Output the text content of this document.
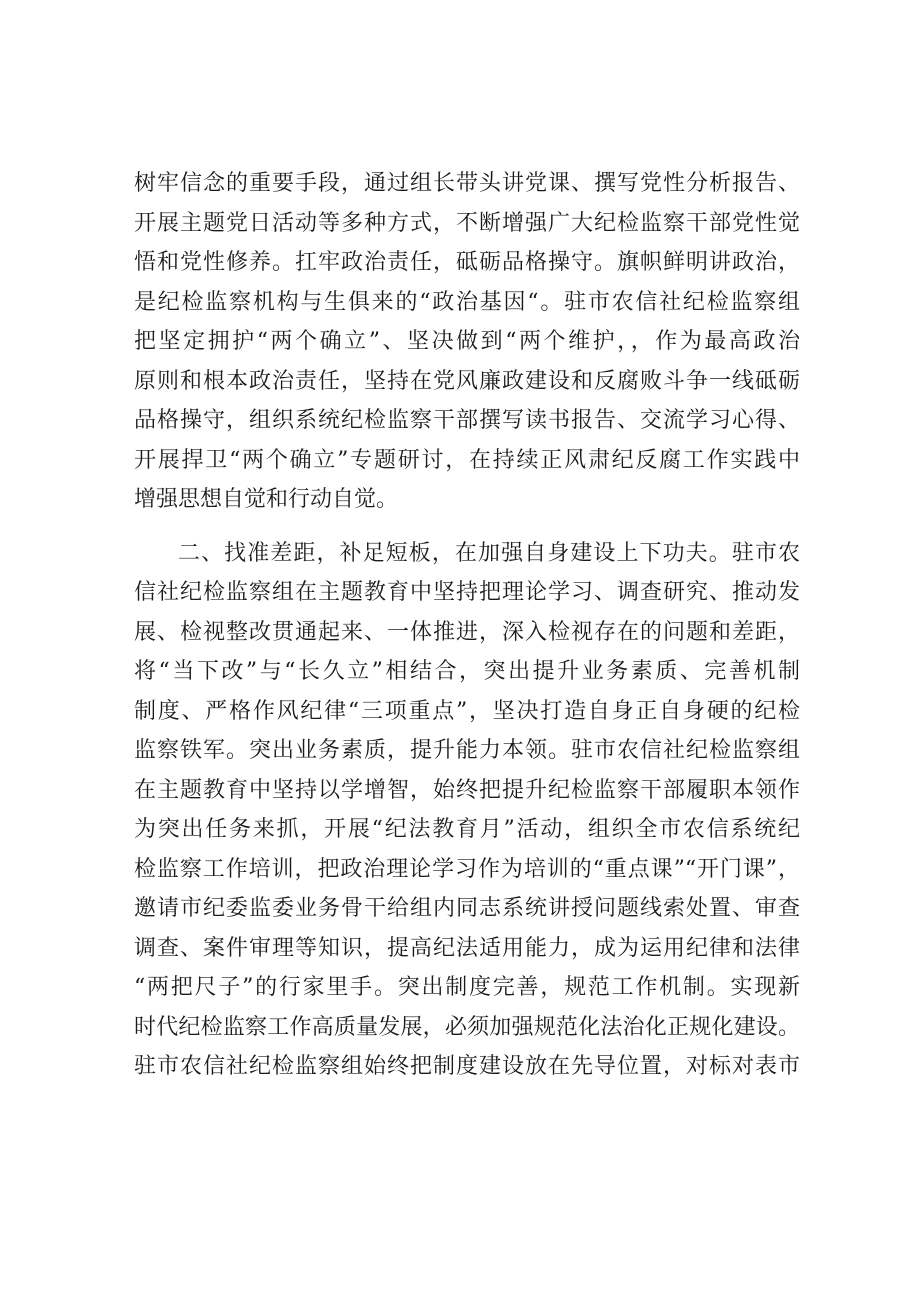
树牢信念的重要手段，通过组长带头讲党课、撰写党性分析报告、
开展主题党日活动等多种方式，不断增强广大纪检监察干部党性觉
悟和党性修养。扛牢政治责任，砥砺品格操守。旗帜鲜明讲政治，
是纪检监察机构与生俱来的“政治基因“。驻市农信社纪检监察组
把坚定拥护“两个确立”、坚决做到“两个维护，，作为最高政治
原则和根本政治责任，坚持在党风廉政建设和反腐败斗争一线砥砺
品格操守，组织系统纪检监察干部撰写读书报告、交流学习心得、
开展捍卫“两个确立”专题研讨，在持续正风肃纪反腐工作实践中
增强思想自觉和行动自觉。
二、找准差距，补足短板，在加强自身建设上下功夫。驻市农
信社纪检监察组在主题教育中坚持把理论学习、调查研究、推动发
展、检视整改贯通起来、一体推进，深入检视存在的问题和差距，
将“当下改”与“长久立”相结合，突出提升业务素质、完善机制
制度、严格作风纪律“三项重点”，坚决打造自身正自身硬的纪检
监察铁军。突出业务素质，提升能力本领。驻市农信社纪检监察组
在主题教育中坚持以学增智，始终把提升纪检监察干部履职本领作
为突出任务来抓，开展“纪法教育月”活动，组织全市农信系统纪
检监察工作培训，把政治理论学习作为培训的“重点课”“开门课”，
邀请市纪委监委业务骨干给组内同志系统讲授问题线索处置、审查
调查、案件审理等知识，提高纪法适用能力，成为运用纪律和法律
“两把尺子”的行家里手。突出制度完善，规范工作机制。实现新
时代纪检监察工作高质量发展，必须加强规范化法治化正规化建设。
驻市农信社纪检监察组始终把制度建设放在先导位置，对标对表市
